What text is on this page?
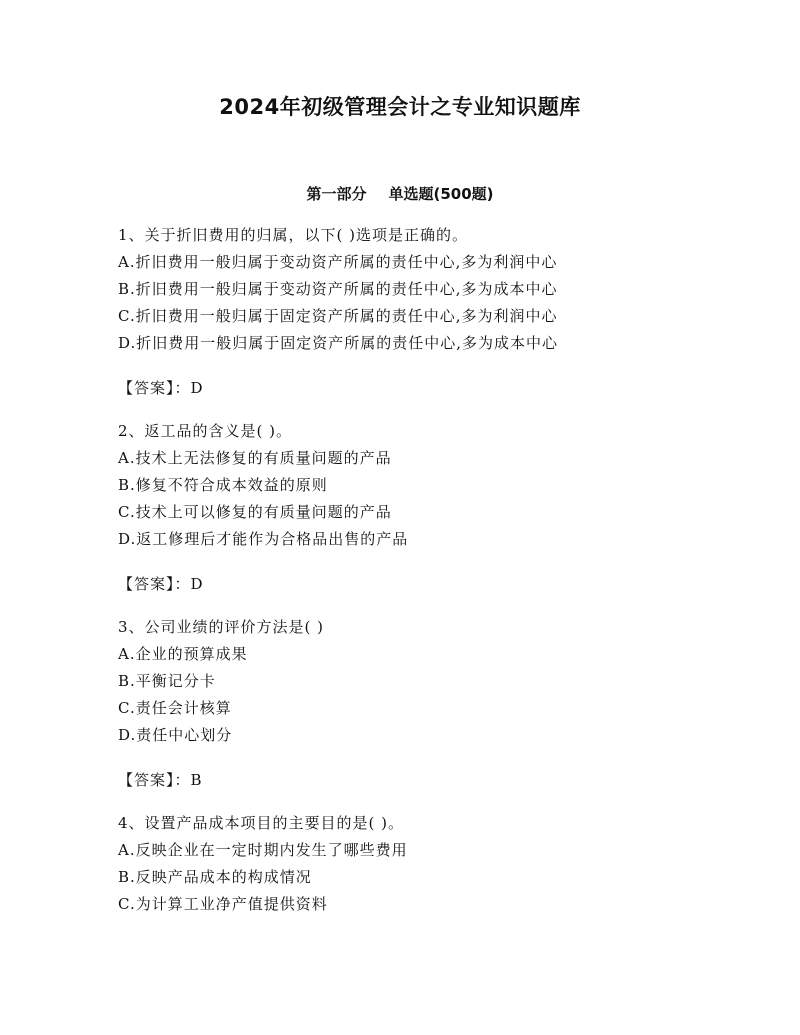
2024年初级管理会计之专业知识题库
第一部分 单选题(500题)
1、关于折旧费用的归属，以下( )选项是正确的。
A.折旧费用一般归属于变动资产所属的责任中心,多为利润中心
B.折旧费用一般归属于变动资产所属的责任中心,多为成本中心
C.折旧费用一般归属于固定资产所属的责任中心,多为利润中心
D.折旧费用一般归属于固定资产所属的责任中心,多为成本中心
【答案】：D
2、返工品的含义是( )。
A.技术上无法修复的有质量问题的产品
B.修复不符合成本效益的原则
C.技术上可以修复的有质量问题的产品
D.返工修理后才能作为合格品出售的产品
【答案】：D
3、公司业绩的评价方法是( )
A.企业的预算成果
B.平衡记分卡
C.责任会计核算
D.责任中心划分
【答案】：B
4、设置产品成本项目的主要目的是( )。
A.反映企业在一定时期内发生了哪些费用
B.反映产品成本的构成情况
C.为计算工业净产值提供资料
